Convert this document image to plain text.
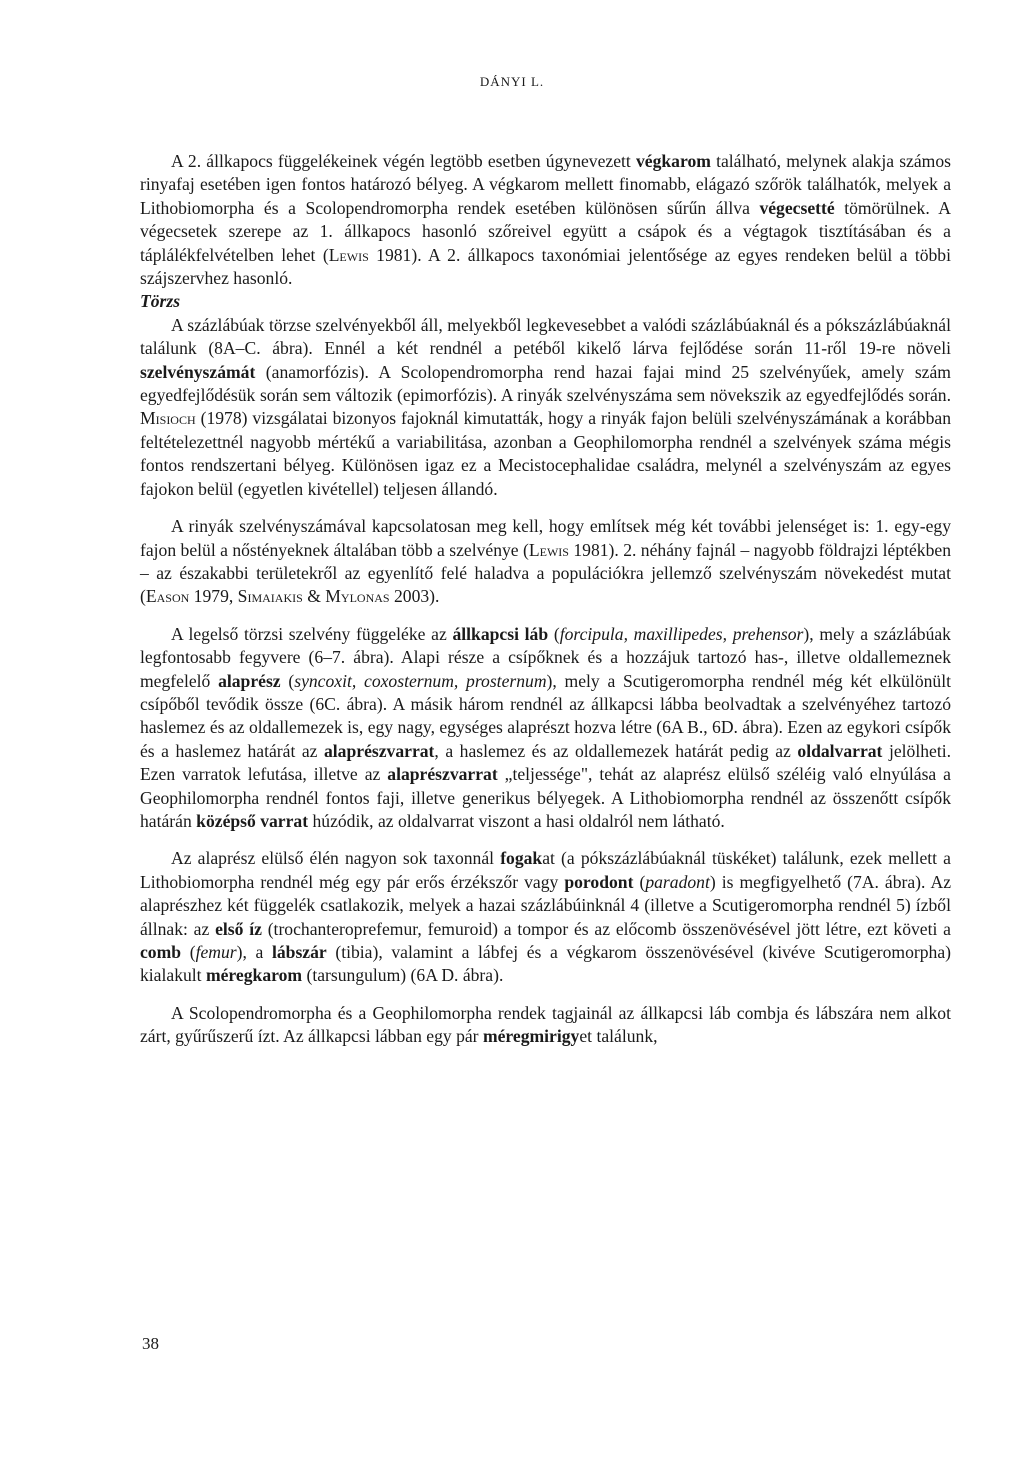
DÁNYI L.

A 2. állkapocs függelékeinek végén legtöbb esetben úgynevezett végkarom található, melynek alakja számos rinyafaj esetében igen fontos határozó bélyeg. A végkarom mellett finomabb, elágazó szőrök találhatók, melyek a Lithobiomorpha és a Scolopendromorpha rendek esetében különösen sűrűn állva végecsetté tömörülnek. A végecsetek szerepe az 1. állkapocs hasonló szőreivel együtt a csápok és a végtagok tisztításában és a táplálékfelvételben lehet (Lewis 1981). A 2. állkapocs taxonómiai jelentősége az egyes rendeken belül a többi szájszervhez hasonló.

Törzs

A százlábúak törzse szelvényekből áll, melyekből legkevesebbet a valódi százlábúaknál és a pókszázlábúaknál találunk (8A–C. ábra). Ennél a két rendnél a petéből kikelő lárva fejlődése során 11-ről 19-re növeli szelvényszámát (anamorfózis). A Scolopendromorpha rend hazai fajai mind 25 szelvényűek, amely szám egyedfejlődésük során sem változik (epimorfózis). A rinyák szelvényszáma sem növekszik az egyedfejlődés során. Misioch (1978) vizsgálatai bizonyos fajoknál kimutatták, hogy a rinyák fajon belüli szelvényszámának a korábban feltételezettnél nagyobb mértékű a variabilitása, azonban a Geophilomorpha rendnél a szelvények száma mégis fontos rendszertani bélyeg. Különösen igaz ez a Mecistocephalidae családra, melynél a szelvényszám az egyes fajokon belül (egyetlen kivétellel) teljesen állandó.

A rinyák szelvényszámával kapcsolatosan meg kell, hogy említsek még két további jelenséget is: 1. egy-egy fajon belül a nőstényeknek általában több a szelvénye (Lewis 1981). 2. néhány fajnál – nagyobb földrajzi léptékben – az északabbi területekről az egyenlítő felé haladva a populációkra jellemző szelvényszám növekedést mutat (Eason 1979, Simaiakis & Mylonas 2003).

A legelső törzsi szelvény függeléke az állkapcsi láb (forcipula, maxillipedes, prehensor), mely a százlábúak legfontosabb fegyvere (6–7. ábra). Alapi része a csípőknek és a hozzájuk tartozó has-, illetve oldallemeznek megfelelő alaprész (syncoxit, coxosternum, prosternum), mely a Scutigeromorpha rendnél még két elkülönült csípőből tevődik össze (6C. ábra). A másik három rendnél az állkapcsi lábba beolvadtak a szelvényéhez tartozó haslemez és az oldallemezek is, egy nagy, egységes alaprészt hozva létre (6A B., 6D. ábra). Ezen az egykori csípők és a haslemez határát az alaprészvarrat, a haslemez és az oldallemezek határát pedig az oldalvarrat jelölheti. Ezen varratok lefutása, illetve az alaprészvarrat „teljessége", tehát az alaprész elülső széléig való elnyúlása a Geophilomorpha rendnél fontos faji, illetve generikus bélyegek. A Lithobiomorpha rendnél az összenőtt csípők határán középső varrat húzódik, az oldalvarrat viszont a hasi oldalról nem látható.

Az alaprész elülső élén nagyon sok taxonnál fogakat (a pókszázlábúaknál tüskéket) találunk, ezek mellett a Lithobiomorpha rendnél még egy pár erős érzékszőr vagy porodont (paradont) is megfigyelhető (7A. ábra). Az alaprészhez két függelék csatlakozik, melyek a hazai százlábúinknál 4 (illetve a Scutigeromorpha rendnél 5) ízből állnak: az első íz (trochanteroprefemur, femuroid) a tompor és az előcomb összenövésével jött létre, ezt követi a comb (femur), a lábszár (tibia), valamint a lábfej és a végkarom összenövésével (kivéve Scutigeromorpha) kialakult méregkarom (tarsungulum) (6A D. ábra).

A Scolopendromorpha és a Geophilomorpha rendek tagjainál az állkapcsi láb combja és lábszára nem alkot zárt, gyűrűszerű ízt. Az állkapcsi lábban egy pár méregmirigyet találunk,

38
